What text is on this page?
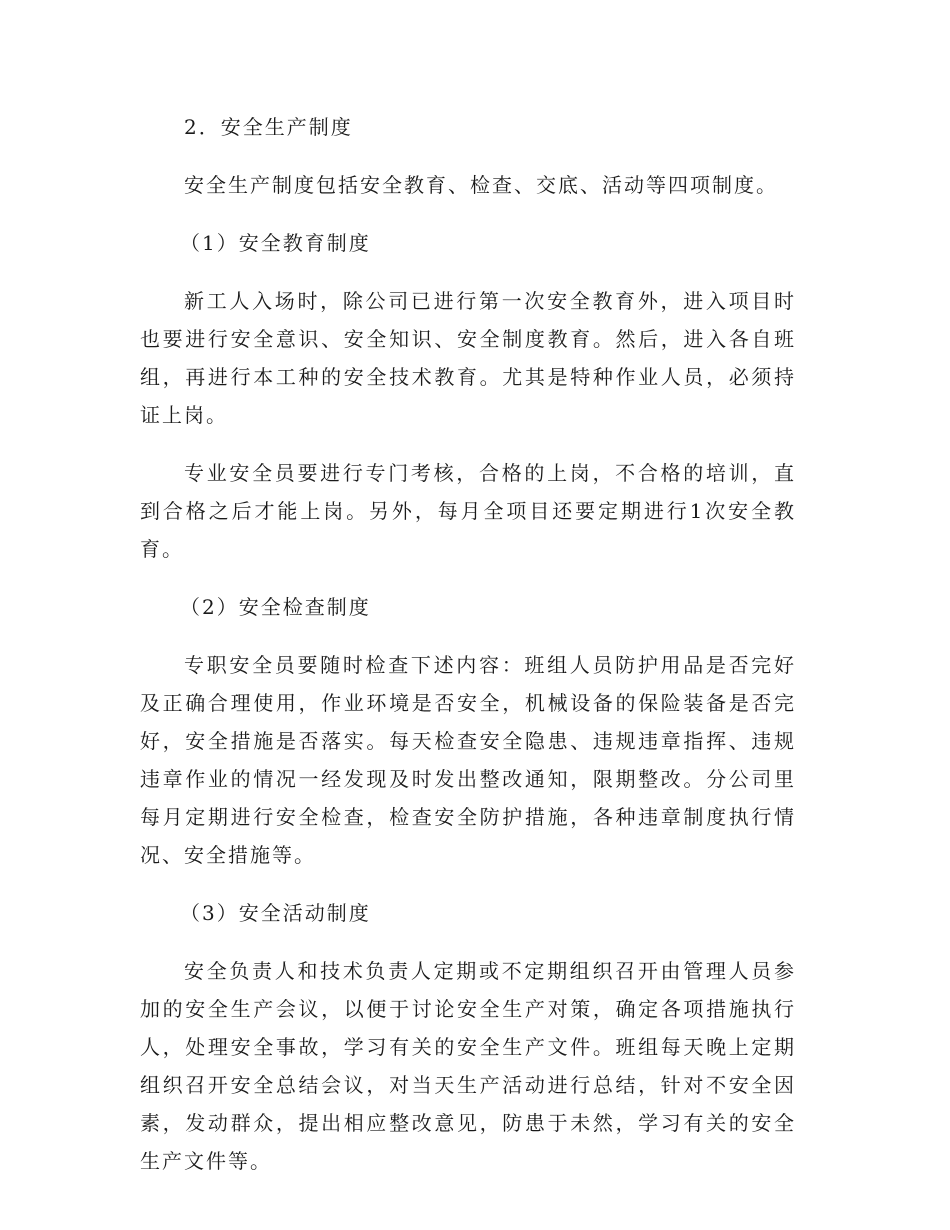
2．安全生产制度

安全生产制度包括安全教育、检查、交底、活动等四项制度。

（1）安全教育制度

新工人入场时，除公司已进行第一次安全教育外，进入项目时也要进行安全意识、安全知识、安全制度教育。然后，进入各自班组，再进行本工种的安全技术教育。尤其是特种作业人员，必须持证上岗。

专业安全员要进行专门考核，合格的上岗，不合格的培训，直到合格之后才能上岗。另外，每月全项目还要定期进行1次安全教育。

（2）安全检查制度

专职安全员要随时检查下述内容：班组人员防护用品是否完好及正确合理使用，作业环境是否安全，机械设备的保险装备是否完好，安全措施是否落实。每天检查安全隐患、违规违章指挥、违规违章作业的情况一经发现及时发出整改通知，限期整改。分公司里每月定期进行安全检查，检查安全防护措施，各种违章制度执行情况、安全措施等。

（3）安全活动制度

安全负责人和技术负责人定期或不定期组织召开由管理人员参加的安全生产会议，以便于讨论安全生产对策，确定各项措施执行人，处理安全事故，学习有关的安全生产文件。班组每天晚上定期组织召开安全总结会议，对当天生产活动进行总结，针对不安全因素，发动群众，提出相应整改意见，防患于未然，学习有关的安全生产文件等。
